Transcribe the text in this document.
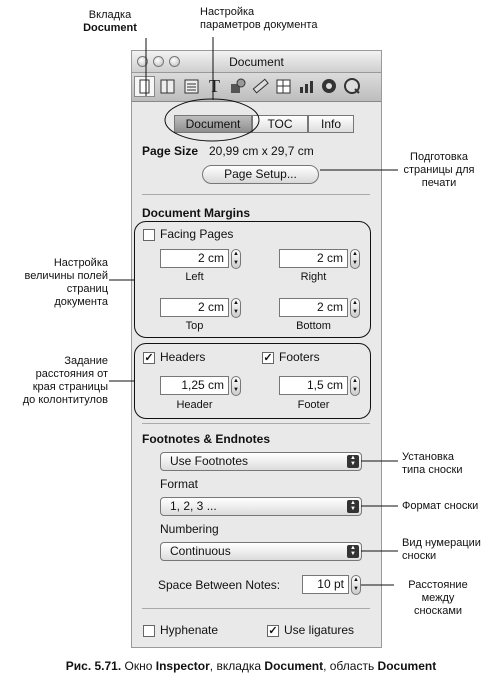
Вкладка
Document
Настройка
параметров документа
Подготовка
страницы для
печати
Настройка
величины полей
страниц
документа
Задание
расстояния от
края страницы
до колонтитулов
Установка
типа сноски
Формат сноски
Вид нумерации
сноски
Расстояние
между
сносками
Document
T
Document	TOC	Info
Page Size 20,99 cm x 29,7 cm
Page Setup...
Document Margins
Facing Pages
2 cm	▲
▼
Left
2 cm	▲
▼
Right
2 cm	▲
▼
Top
2 cm	▲
▼
Bottom
✓ Headers	✓ Footers
1,25 cm	▲
▼
Header
1,5 cm	▲
▼
Footer
Footnotes & Endnotes
Use Footnotes	▲
▼
Format
1, 2, 3 ...	▲
▼
Numbering
Continuous	▲
▼
Space Between Notes:	10 pt	▲
▼
Hyphenate	✓ Use ligatures
Рис. 5.71. Окно Inspector, вкладка Document, область Document
